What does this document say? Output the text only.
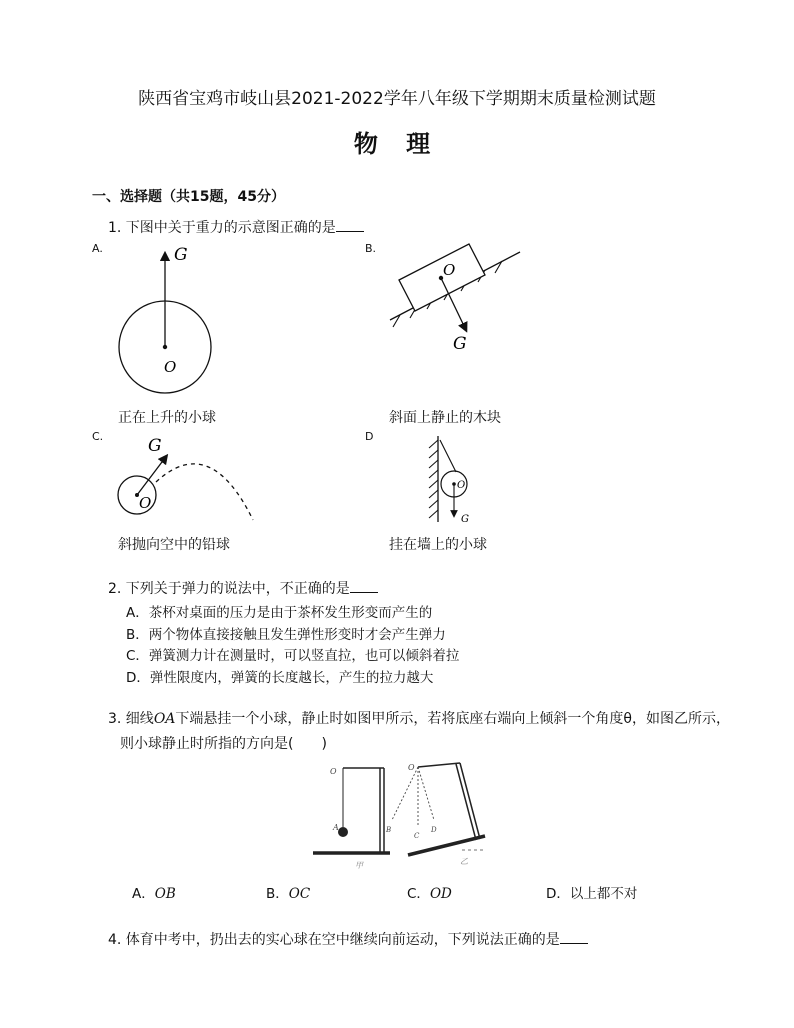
陕西省宝鸡市岐山县2021-2022学年八年级下学期期末质量检测试题
物 理
一、选择题（共15题，45分）
1. 下图中关于重力的示意图正确的是
A.	G
O
正在上升的小球
B.
O
G
斜面上静止的木块
C.	G
O
斜抛向空中的铅球
D
O
G
挂在墙上的小球
2. 下列关于弹力的说法中，不正确的是
A．茶杯对桌面的压力是由于茶杯发生形变而产生的
B．两个物体直接接触且发生弹性形变时才会产生弹力
C．弹簧测力计在测量时，可以竖直拉，也可以倾斜着拉
D．弹性限度内，弹簧的长度越长，产生的拉力越大
3. 细线OA下端悬挂一个小球，静止时如图甲所示，若将底座右端向上倾斜一个角度θ，如图乙所示，
则小球静止时所指的方向是(　　)
O
A
甲
O
B
C
D
乙
A．OB	B．OC	C．OD	D．以上都不对
4. 体育中考中，扔出去的实心球在空中继续向前运动，下列说法正确的是
